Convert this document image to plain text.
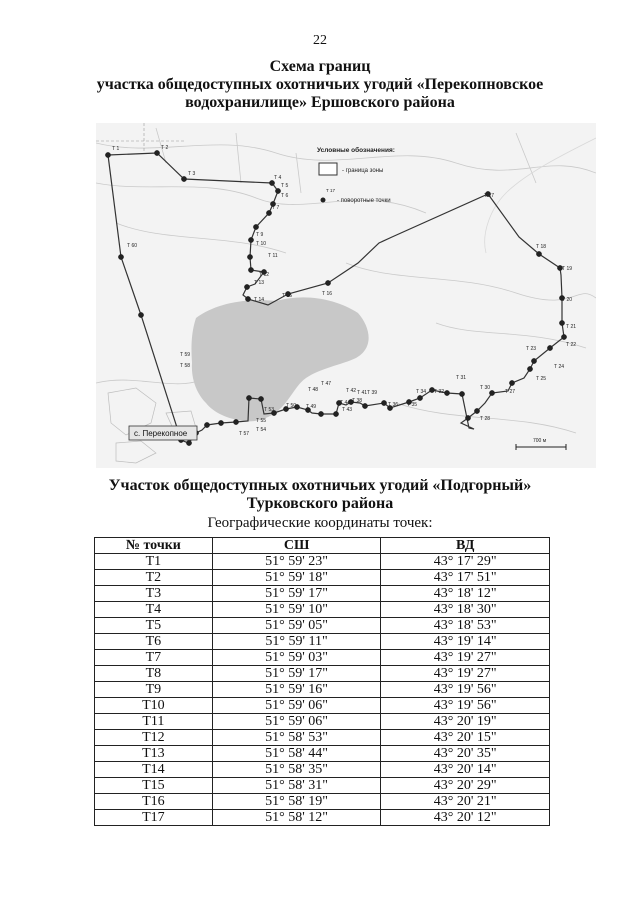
22
Схема границ
участка общедоступных охотничьих угодий «Перекопновское
водохранилище» Ершовского района
Т 1	Т 2
Т 3
Т 4
Т 5
Т 6
Т 7
Т 9
Т 10
Т 11
Т 12
Т 13
Т 14
Т 15	Т 16
Т 17
Т 18
Т 19
Т 20
Т 21
Т 22
Т 23
Т 24
Т 25
Т 27
Т 28
Т 30
Т 31
Т 32
Т 34
Т 35
Т 36
Т 38
Т 39
Т 41
Т 42
Т 43
Т 44
Т 47
Т 48
Т 49
Т 50
Т 53
Т 54
Т 55
Т 57
Т 58
Т 59
Т 60
Условные обозначения:
- граница зоны
Т 17
- поворотные точки
с. Перекопное
700 м
Участок общедоступных охотничьих угодий «Подгорный»
Турковского района
Географические координаты точек:
№ точки	СШ	ВД
Т1	51° 59' 23"	43° 17' 29"
Т2	51° 59' 18"	43° 17' 51"
Т3	51° 59' 17"	43° 18' 12"
Т4	51° 59' 10"	43° 18' 30"
Т5	51° 59' 05"	43° 18' 53"
Т6	51° 59' 11"	43° 19' 14"
Т7	51° 59' 03"	43° 19' 27"
Т8	51° 59' 17"	43° 19' 27"
Т9	51° 59' 16"	43° 19' 56"
Т10	51° 59' 06"	43° 19' 56"
Т11	51° 59' 06"	43° 20' 19"
Т12	51° 58' 53"	43° 20' 15"
Т13	51° 58' 44"	43° 20' 35"
Т14	51° 58' 35"	43° 20' 14"
Т15	51° 58' 31"	43° 20' 29"
Т16	51° 58' 19"	43° 20' 21"
Т17	51° 58' 12"	43° 20' 12"
